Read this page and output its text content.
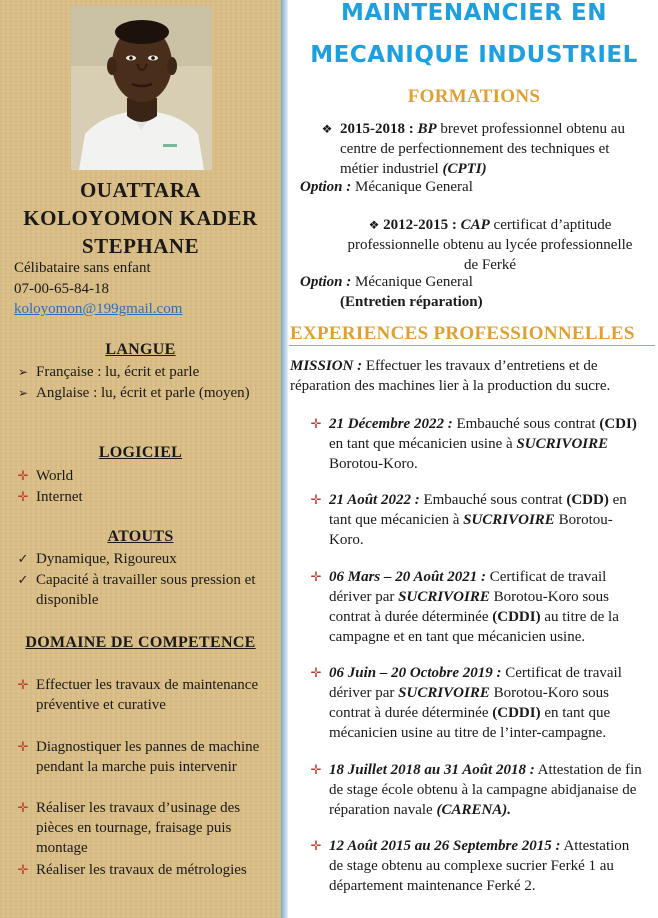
OUATTARA
KOLOYOMON KADER
STEPHANE
Célibataire sans enfant
07-00-65-84-18
koloyomon@199gmail.com
LANGUE
➢ Française : lu, écrit et parle
➢ Anglaise : lu, écrit et parle (moyen)
LOGICIEL
✛ World
✛ Internet
ATOUTS
✓ Dynamique, Rigoureux
✓ Capacité à travailler sous pression et disponible
DOMAINE DE COMPETENCE
✛ Effectuer les travaux de maintenance préventive et curative
✛ Diagnostiquer les pannes de machine pendant la marche puis intervenir
✛ Réaliser les travaux d’usinage des pièces en tournage, fraisage puis montage
✛ Réaliser les travaux de métrologies
MAINTENANCIER EN
MECANIQUE INDUSTRIEL
FORMATIONS
❖ 2015-2018 : BP brevet professionnel obtenu au centre de perfectionnement des techniques et métier industriel (CPTI)
Option : Mécanique General
❖ 2012-2015 : CAP certificat d’aptitude professionnelle obtenu au lycée professionnelle de Ferké
Option : Mécanique General
(Entretien réparation)
EXPERIENCES PROFESSIONNELLES
MISSION : Effectuer les travaux d’entretiens et de réparation des machines lier à la production du sucre.
✛ 21 Décembre 2022 : Embauché sous contrat (CDI) en tant que mécanicien usine à SUCRIVOIRE Borotou-Koro.
✛ 21 Août 2022 : Embauché sous contrat (CDD) en tant que mécanicien à SUCRIVOIRE Borotou-Koro.
✛ 06 Mars – 20 Août 2021 : Certificat de travail dériver par SUCRIVOIRE Borotou-Koro sous contrat à durée déterminée (CDDI) au titre de la campagne et en tant que mécanicien usine.
✛ 06 Juin – 20 Octobre 2019 : Certificat de travail dériver par SUCRIVOIRE Borotou-Koro sous contrat à durée déterminée (CDDI) en tant que mécanicien usine au titre de l’inter-campagne.
✛ 18 Juillet 2018 au 31 Août 2018 : Attestation de fin de stage école obtenu à la campagne abidjanaise de réparation navale (CARENA).
✛ 12 Août 2015 au 26 Septembre 2015 : Attestation de stage obtenu au complexe sucrier Ferké 1 au département maintenance Ferké 2.
